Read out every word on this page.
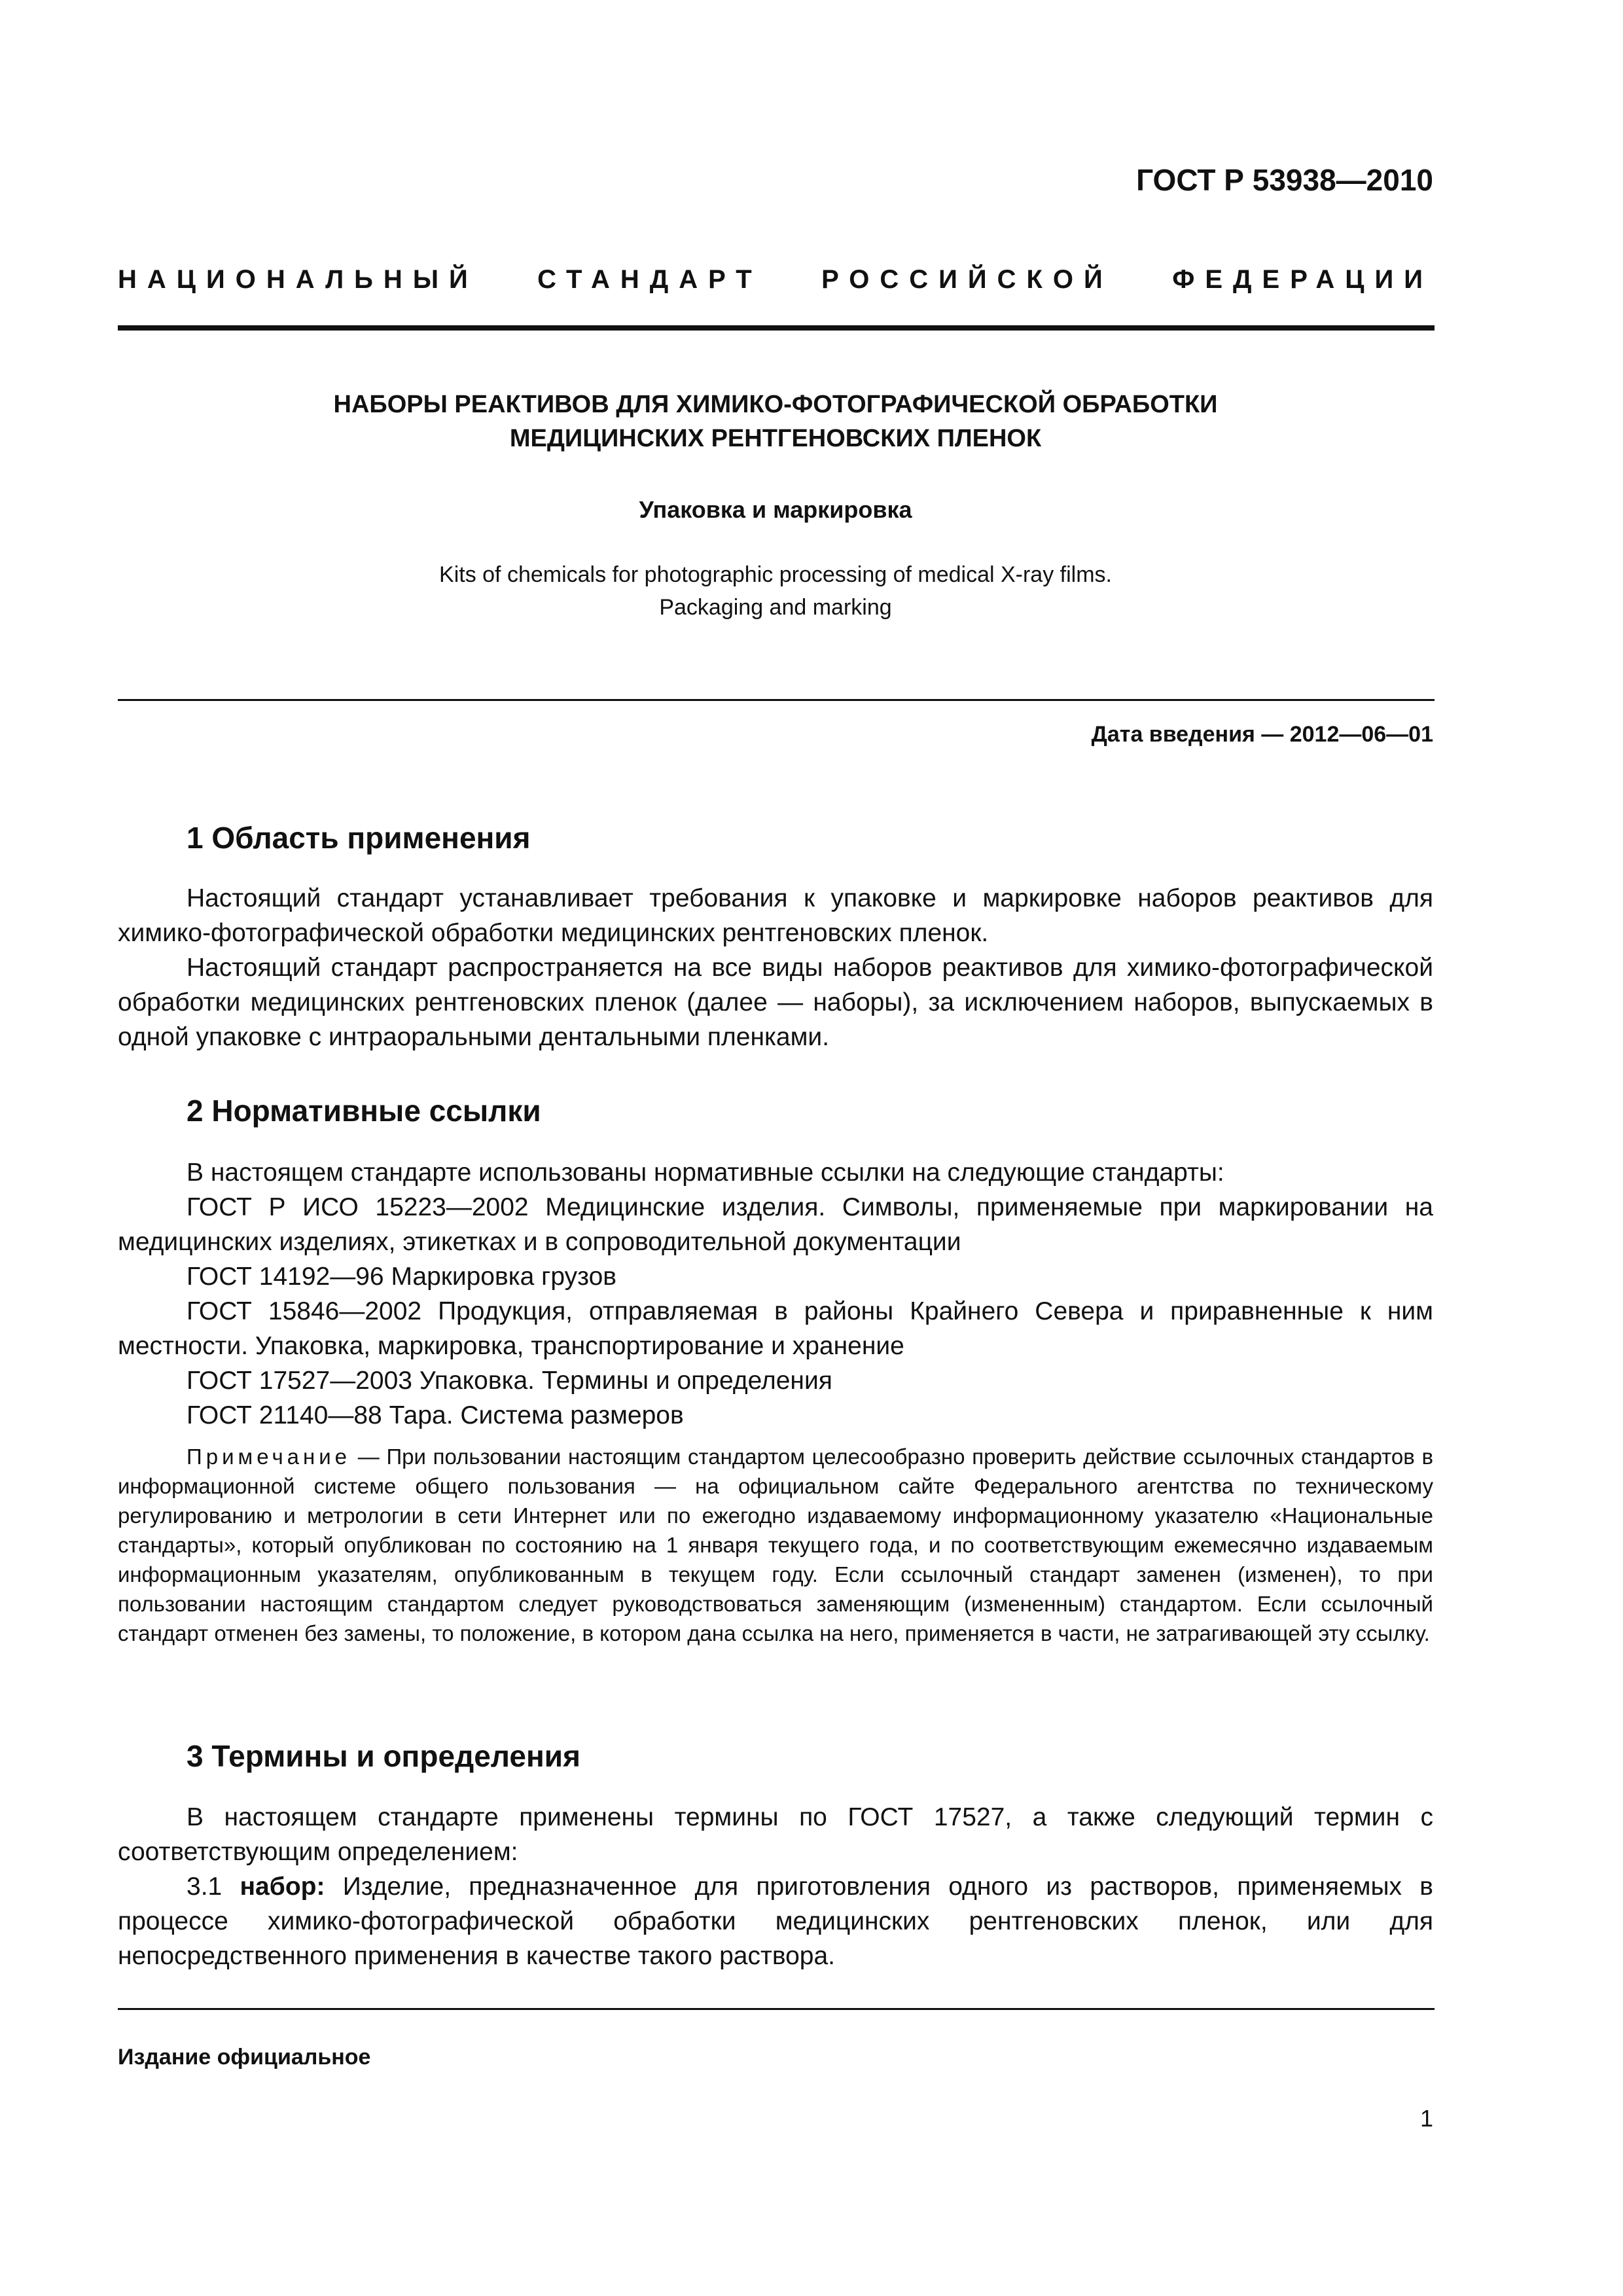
ГОСТ Р 53938—2010
НАЦИОНАЛЬНЫЙ СТАНДАРТ РОССИЙСКОЙ ФЕДЕРАЦИИ
НАБОРЫ РЕАКТИВОВ ДЛЯ ХИМИКО-ФОТОГРАФИЧЕСКОЙ ОБРАБОТКИ
МЕДИЦИНСКИХ РЕНТГЕНОВСКИХ ПЛЕНОК
Упаковка и маркировка
Kits of chemicals for photographic processing of medical X-ray films.
Packaging and marking
Дата введения — 2012—06—01
1 Область применения

Настоящий стандарт устанавливает требования к упаковке и маркировке наборов реактивов для химико-фотографической обработки медицинских рентгеновских пленок.

Настоящий стандарт распространяется на все виды наборов реактивов для химико-фотографической обработки медицинских рентгеновских пленок (далее — наборы), за исключением наборов, выпускаемых в одной упаковке с интраоральными дентальными пленками.

2 Нормативные ссылки

В настоящем стандарте использованы нормативные ссылки на следующие стандарты:

ГОСТ Р ИСО 15223—2002 Медицинские изделия. Символы, применяемые при маркировании на медицинских изделиях, этикетках и в сопроводительной документации

ГОСТ 14192—96 Маркировка грузов

ГОСТ 15846—2002 Продукция, отправляемая в районы Крайнего Севера и приравненные к ним местности. Упаковка, маркировка, транспортирование и хранение

ГОСТ 17527—2003 Упаковка. Термины и определения

ГОСТ 21140—88 Тара. Система размеров

Примечание — При пользовании настоящим стандартом целесообразно проверить действие ссылочных стандартов в информационной системе общего пользования — на официальном сайте Федерального агентства по техническому регулированию и метрологии в сети Интернет или по ежегодно издаваемому информационному указателю «Национальные стандарты», который опубликован по состоянию на 1 января текущего года, и по соответствующим ежемесячно издаваемым информационным указателям, опубликованным в текущем году. Если ссылочный стандарт заменен (изменен), то при пользовании настоящим стандартом следует руководствоваться заменяющим (измененным) стандартом. Если ссылочный стандарт отменен без замены, то положение, в котором дана ссылка на него, применяется в части, не затрагивающей эту ссылку.

3 Термины и определения

В настоящем стандарте применены термины по ГОСТ 17527, а также следующий термин с соответствующим определением:

3.1 набор: Изделие, предназначенное для приготовления одного из растворов, применяемых в процессе химико-фотографической обработки медицинских рентгеновских пленок, или для непосредственного применения в качестве такого раствора.

Издание официальное
1
